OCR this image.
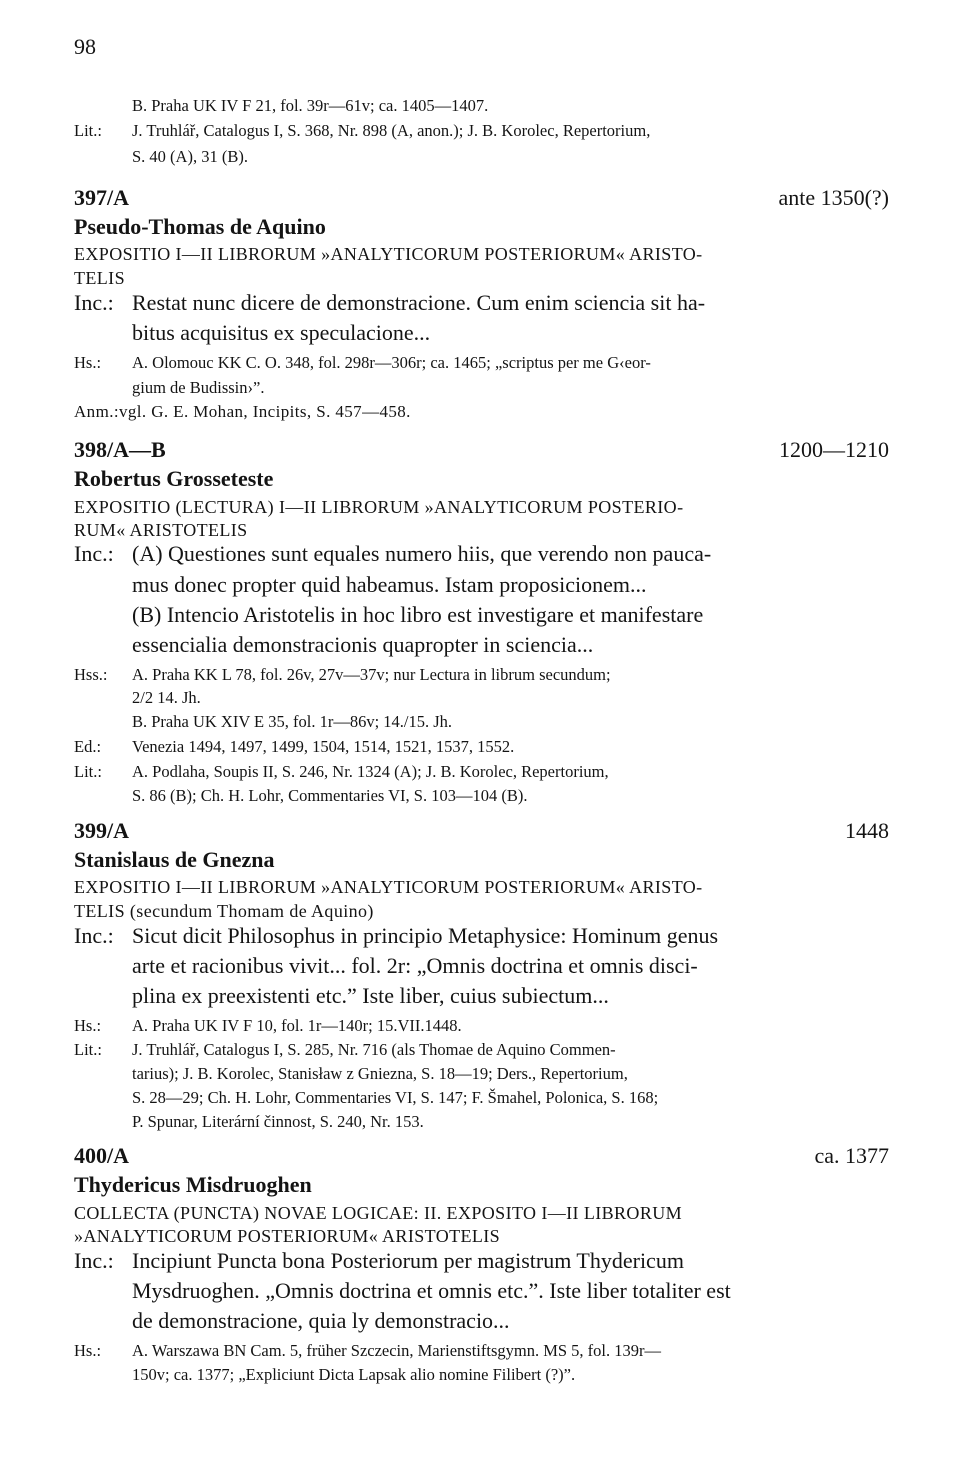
98
B. Praha UK IV F 21, fol. 39r—61v; ca. 1405—1407.
Lit.: J. Truhlář, Catalogus I, S. 368, Nr. 898 (A, anon.); J. B. Korolec, Repertorium,
S. 40 (A), 31 (B).
397/A	ante 1350(?)
Pseudo-Thomas de Aquino
EXPOSITIO I—II LIBRORUM »ANALYTICORUM POSTERIORUM« ARISTO-
TELIS
Inc.: Restat nunc dicere de demonstracione. Cum enim sciencia sit ha-
bitus acquisitus ex speculacione...
Hs.: A. Olomouc KK C. O. 348, fol. 298r—306r; ca. 1465; „scriptus per me G‹eor-
gium de Budissin›”.
Anm.:vgl. G. E. Mohan, Incipits, S. 457—458.
398/A—B	1200—1210
Robertus Grosseteste
EXPOSITIO (LECTURA) I—II LIBRORUM »ANALYTICORUM POSTERIO-
RUM« ARISTOTELIS
Inc.: (A) Questiones sunt equales numero hiis, que verendo non pauca-
mus donec propter quid habeamus. Istam proposicionem...
(B) Intencio Aristotelis in hoc libro est investigare et manifestare
essencialia demonstracionis quapropter in sciencia...
Hss.: A. Praha KK L 78, fol. 26v, 27v—37v; nur Lectura in librum secundum;
2/2 14. Jh.
B. Praha UK XIV E 35, fol. 1r—86v; 14./15. Jh.
Ed.: Venezia 1494, 1497, 1499, 1504, 1514, 1521, 1537, 1552.
Lit.: A. Podlaha, Soupis II, S. 246, Nr. 1324 (A); J. B. Korolec, Repertorium,
S. 86 (B); Ch. H. Lohr, Commentaries VI, S. 103—104 (B).
399/A	1448
Stanislaus de Gnezna
EXPOSITIO I—II LIBRORUM »ANALYTICORUM POSTERIORUM« ARISTO-
TELIS (secundum Thomam de Aquino)
Inc.: Sicut dicit Philosophus in principio Metaphysice: Hominum genus
arte et racionibus vivit... fol. 2r: „Omnis doctrina et omnis disci-
plina ex preexistenti etc.” Iste liber, cuius subiectum...
Hs.: A. Praha UK IV F 10, fol. 1r—140r; 15.VII.1448.
Lit.: J. Truhlář, Catalogus I, S. 285, Nr. 716 (als Thomae de Aquino Commen-
tarius); J. B. Korolec, Stanisław z Gniezna, S. 18—19; Ders., Repertorium,
S. 28—29; Ch. H. Lohr, Commentaries VI, S. 147; F. Šmahel, Polonica, S. 168;
P. Spunar, Literární činnost, S. 240, Nr. 153.
400/A	ca. 1377
Thydericus Misdruoghen
COLLECTA (PUNCTA) NOVAE LOGICAE: II. EXPOSITO I—II LIBRORUM
»ANALYTICORUM POSTERIORUM« ARISTOTELIS
Inc.: Incipiunt Puncta bona Posteriorum per magistrum Thydericum
Mysdruoghen. „Omnis doctrina et omnis etc.”. Iste liber totaliter est
de demonstracione, quia ly demonstracio...
Hs.: A. Warszawa BN Cam. 5, früher Szczecin, Marienstiftsgymn. MS 5, fol. 139r—
150v; ca. 1377; „Expliciunt Dicta Lapsak alio nomine Filibert (?)”.
